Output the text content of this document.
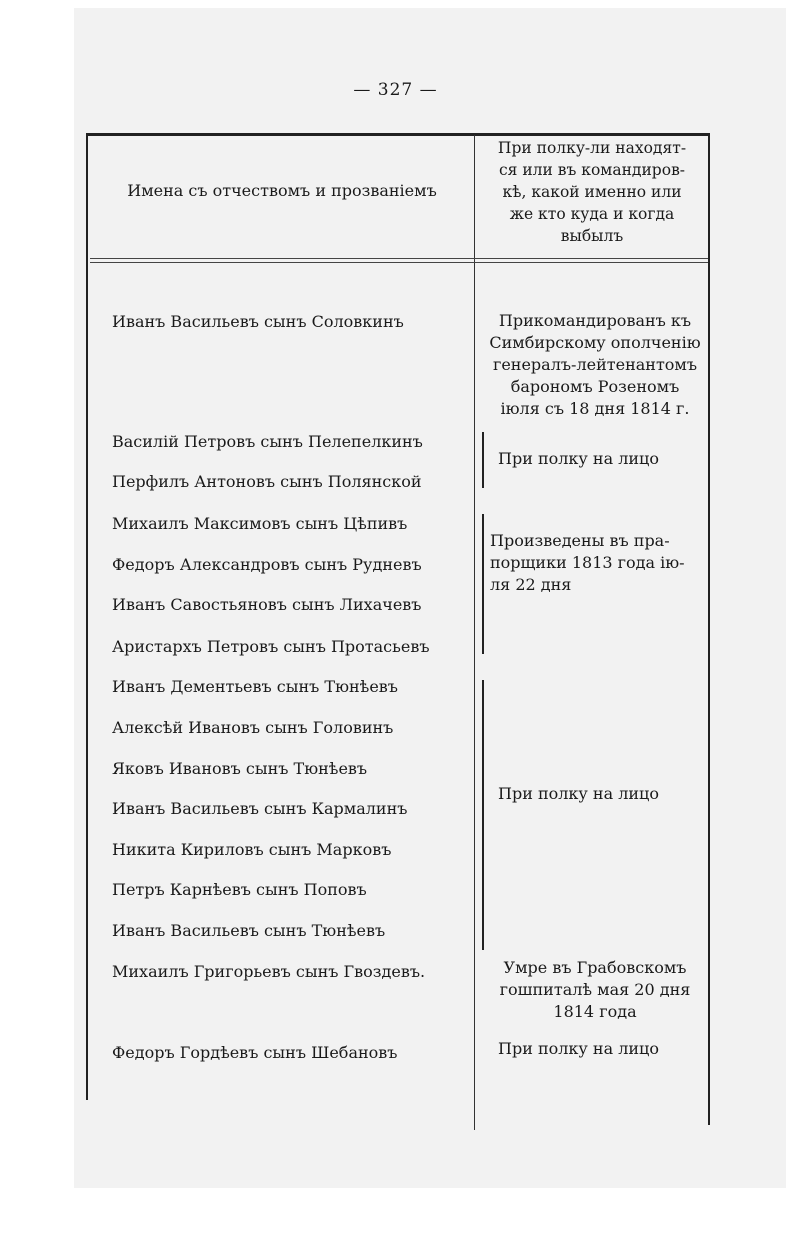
— 327 —
Имена съ отчествомъ и прозваніемъ
При полку-ли находят-
ся или въ командиров-
кѣ, какой именно или
же кто куда и когда
выбылъ
Иванъ Васильевъ сынъ Соловкинъ
Василій Петровъ сынъ Пелепелкинъ
Перфилъ Антоновъ сынъ Полянской
Михаилъ Максимовъ сынъ Цѣпивъ
Федоръ Александровъ сынъ Рудневъ
Иванъ Савостьяновъ сынъ Лихачевъ
Аристархъ Петровъ сынъ Протасьевъ
Иванъ Дементьевъ сынъ Тюнѣевъ
Алексѣй Ивановъ сынъ Головинъ
Яковъ Ивановъ сынъ Тюнѣевъ
Иванъ Васильевъ сынъ Кармалинъ
Никита Кириловъ сынъ Марковъ
Петръ Карнѣевъ сынъ Поповъ
Иванъ Васильевъ сынъ Тюнѣевъ
Михаилъ Григорьевъ сынъ Гвоздевъ.
Федоръ Гордѣевъ сынъ Шебановъ
Прикомандированъ къ
Симбирскому ополченію
генералъ-лейтенантомъ
барономъ Розеномъ
іюля съ 18 дня 1814 г.
При полку на лицо
Произведены въ пра-
порщики 1813 года ію-
ля 22 дня
При полку на лицо
Умре въ Грабовскомъ
гошпиталѣ мая 20 дня
1814 года
При полку на лицо
